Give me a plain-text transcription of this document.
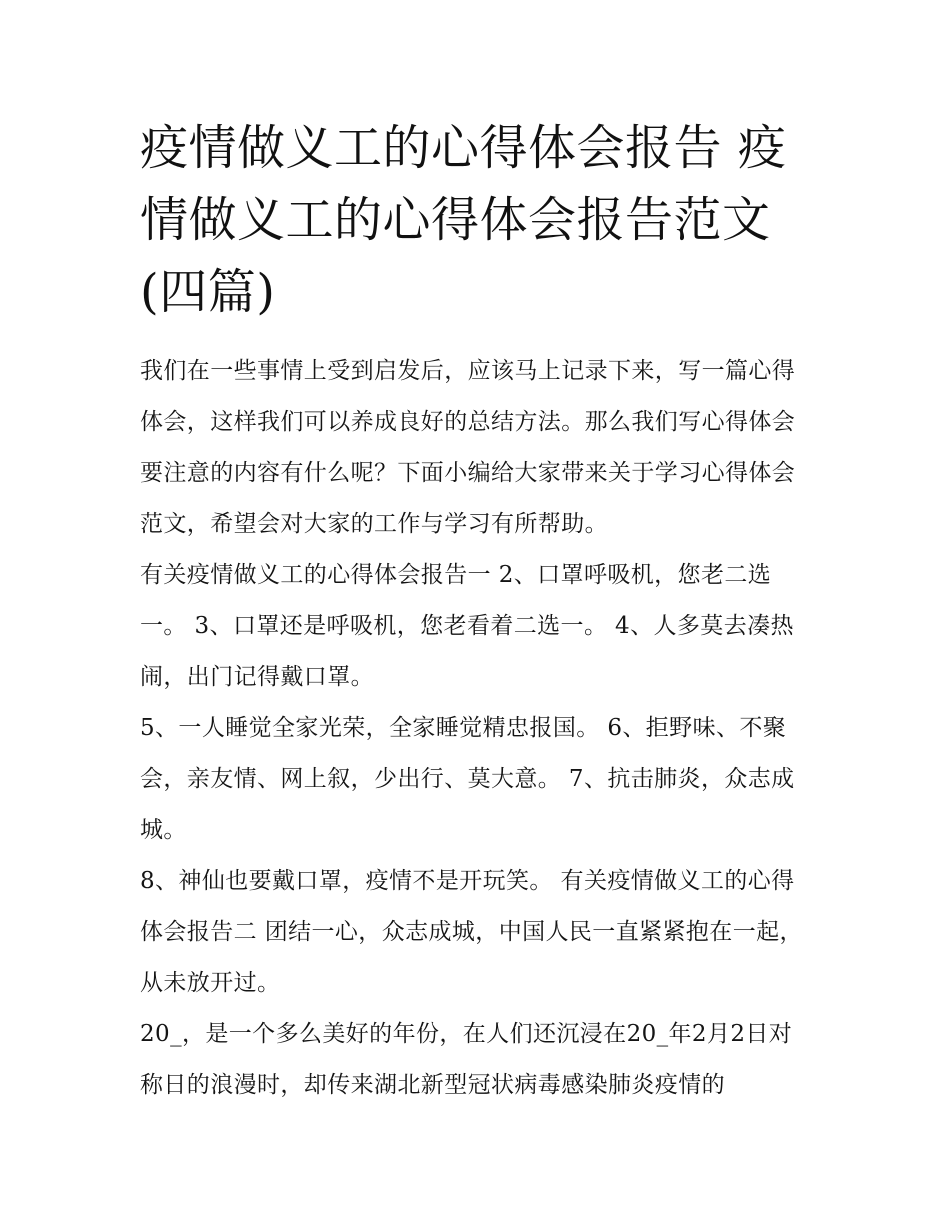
疫情做义工的心得体会报告 疫情做义工的心得体会报告范文(四篇)

我们在一些事情上受到启发后，应该马上记录下来，写一篇心得体会，这样我们可以养成良好的总结方法。那么我们写心得体会要注意的内容有什么呢？下面小编给大家带来关于学习心得体会范文，希望会对大家的工作与学习有所帮助。

有关疫情做义工的心得体会报告一 2、口罩呼吸机，您老二选一。 3、口罩还是呼吸机，您老看着二选一。 4、人多莫去凑热闹，出门记得戴口罩。

5、一人睡觉全家光荣，全家睡觉精忠报国。 6、拒野味、不聚会，亲友情、网上叙，少出行、莫大意。 7、抗击肺炎，众志成城。

8、神仙也要戴口罩，疫情不是开玩笑。 有关疫情做义工的心得体会报告二 团结一心，众志成城，中国人民一直紧紧抱在一起，从未放开过。

20_，是一个多么美好的年份，在人们还沉浸在20_年2月2日对称日的浪漫时，却传来湖北新型冠状病毒感染肺炎疫情的
